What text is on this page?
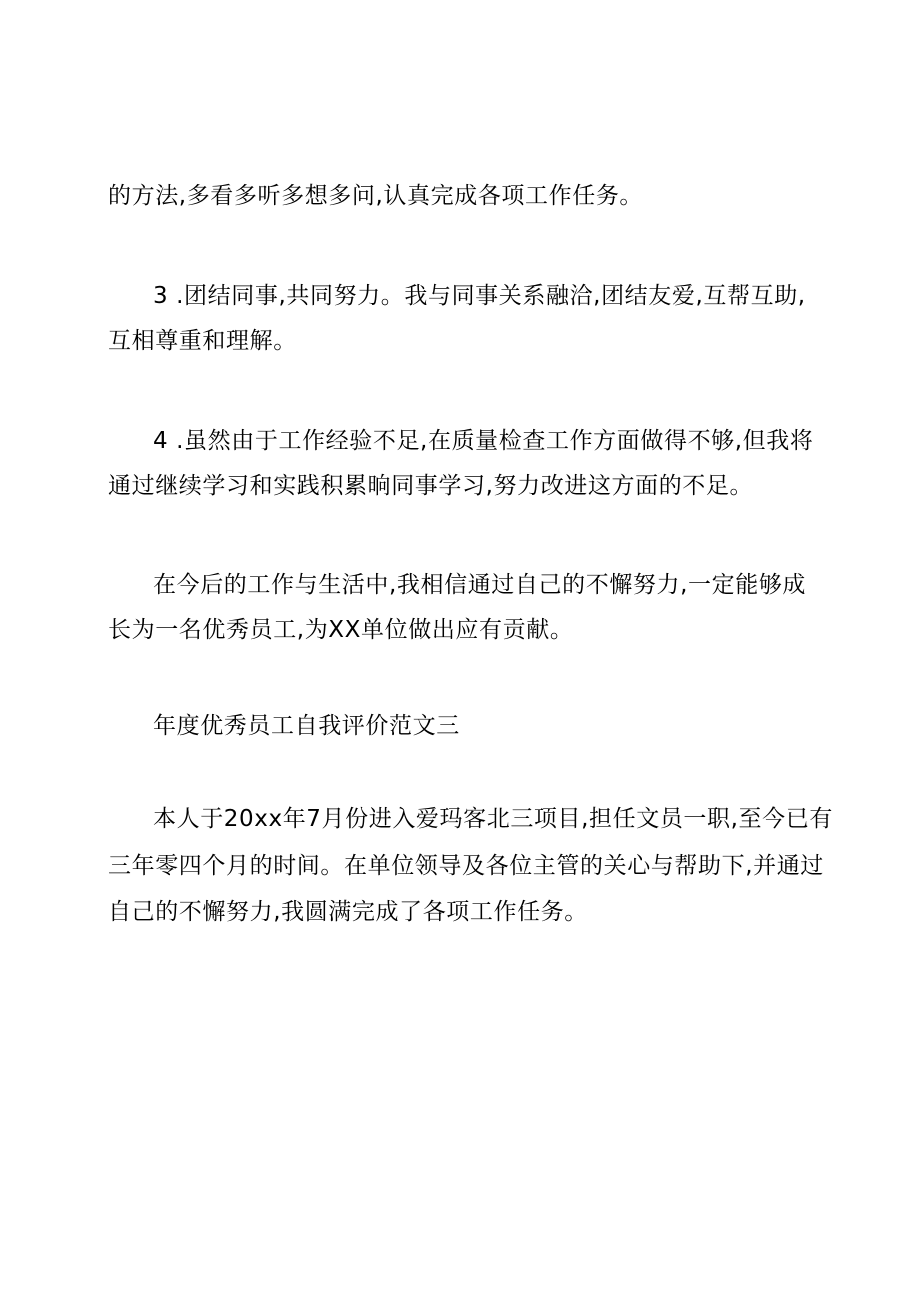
的方法,多看多听多想多问,认真完成各项工作任务。

3 .团结同事,共同努力。我与同事关系融洽,团结友爱,互帮互助,

互相尊重和理解。

4 .虽然由于工作经验不足,在质量检查工作方面做得不够,但我将

通过继续学习和实践积累晌同事学习,努力改进这方面的不足。

在今后的工作与生活中,我相信通过自己的不懈努力,一定能够成

长为一名优秀员工,为XX单位做出应有贡献。

年度优秀员工自我评价范文三

本人于20xx年7月份进入爱玛客北三项目,担任文员一职,至今已有

三年零四个月的时间。在单位领导及各位主管的关心与帮助下,并通过

自己的不懈努力,我圆满完成了各项工作任务。
